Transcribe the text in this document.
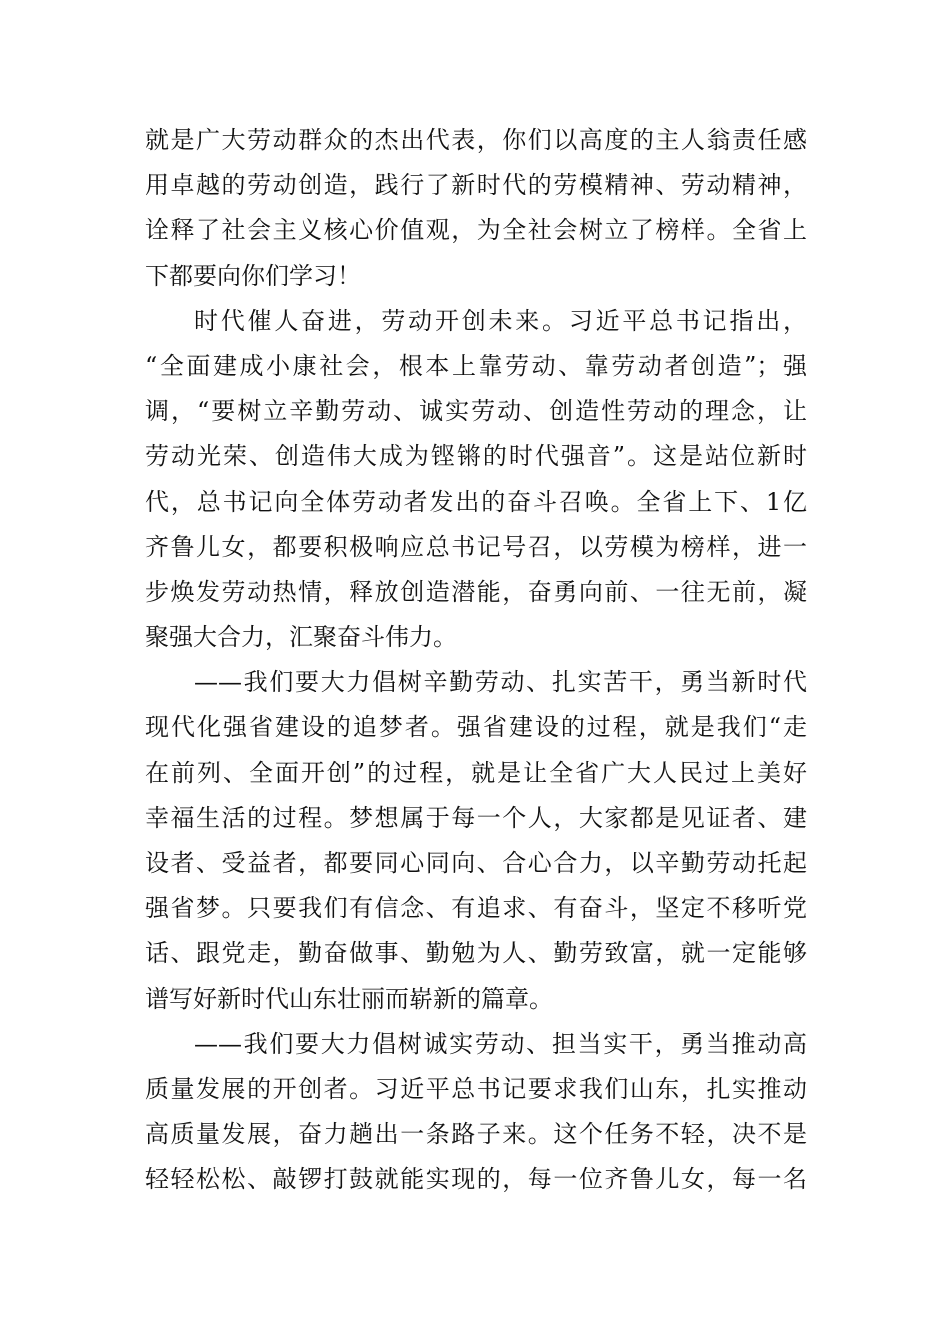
就是广大劳动群众的杰出代表，你们以高度的主人翁责任感
用卓越的劳动创造，践行了新时代的劳模精神、劳动精神，
诠释了社会主义核心价值观，为全社会树立了榜样。全省上
下都要向你们学习！
时代催人奋进，劳动开创未来。习近平总书记指出，
“全面建成小康社会，根本上靠劳动、靠劳动者创造”；强
调，“要树立辛勤劳动、诚实劳动、创造性劳动的理念，让
劳动光荣、创造伟大成为铿锵的时代强音”。这是站位新时
代，总书记向全体劳动者发出的奋斗召唤。全省上下、1亿
齐鲁儿女，都要积极响应总书记号召，以劳模为榜样，进一
步焕发劳动热情，释放创造潜能，奋勇向前、一往无前，凝
聚强大合力，汇聚奋斗伟力。
——我们要大力倡树辛勤劳动、扎实苦干，勇当新时代
现代化强省建设的追梦者。强省建设的过程，就是我们“走
在前列、全面开创”的过程，就是让全省广大人民过上美好
幸福生活的过程。梦想属于每一个人，大家都是见证者、建
设者、受益者，都要同心同向、合心合力，以辛勤劳动托起
强省梦。只要我们有信念、有追求、有奋斗，坚定不移听党
话、跟党走，勤奋做事、勤勉为人、勤劳致富，就一定能够
谱写好新时代山东壮丽而崭新的篇章。
——我们要大力倡树诚实劳动、担当实干，勇当推动高
质量发展的开创者。习近平总书记要求我们山东，扎实推动
高质量发展，奋力趟出一条路子来。这个任务不轻，决不是
轻轻松松、敲锣打鼓就能实现的，每一位齐鲁儿女，每一名
